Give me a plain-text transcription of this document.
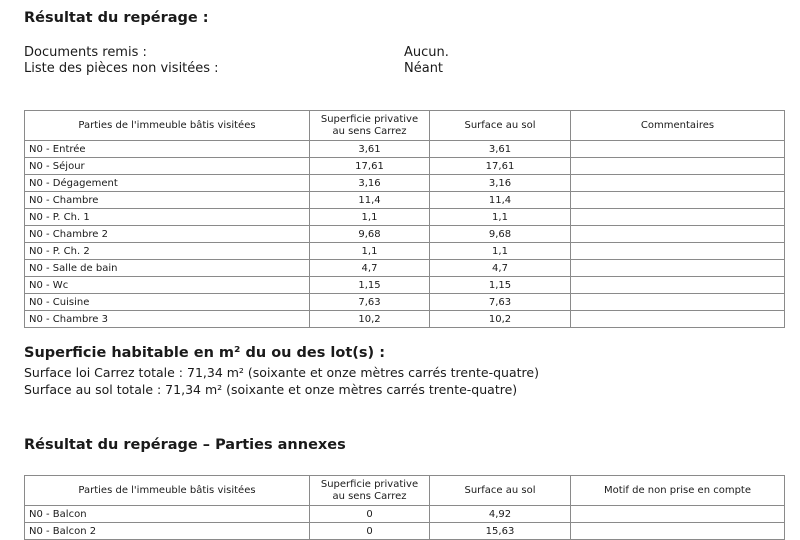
Résultat du repérage :
Documents remis :	Aucun.
Liste des pièces non visitées :	Néant
Parties de l'immeuble bâtis visitées	Superficie privative au sens Carrez	Surface au sol	Commentaires
N0 - Entrée	3,61	3,61	
N0 - Séjour	17,61	17,61	
N0 - Dégagement	3,16	3,16	
N0 - Chambre	11,4	11,4	
N0 - P. Ch. 1	1,1	1,1	
N0 - Chambre 2	9,68	9,68	
N0 - P. Ch. 2	1,1	1,1	
N0 - Salle de bain	4,7	4,7	
N0 - Wc	1,15	1,15	
N0 - Cuisine	7,63	7,63	
N0 - Chambre 3	10,2	10,2	
Superficie habitable en m² du ou des lot(s) :
Surface loi Carrez totale : 71,34 m² (soixante et onze mètres carrés trente-quatre)
Surface au sol totale : 71,34 m² (soixante et onze mètres carrés trente-quatre)
Résultat du repérage – Parties annexes
Parties de l'immeuble bâtis visitées	Superficie privative au sens Carrez	Surface au sol	Motif de non prise en compte
N0 - Balcon	0	4,92	
N0 - Balcon 2	0	15,63	
